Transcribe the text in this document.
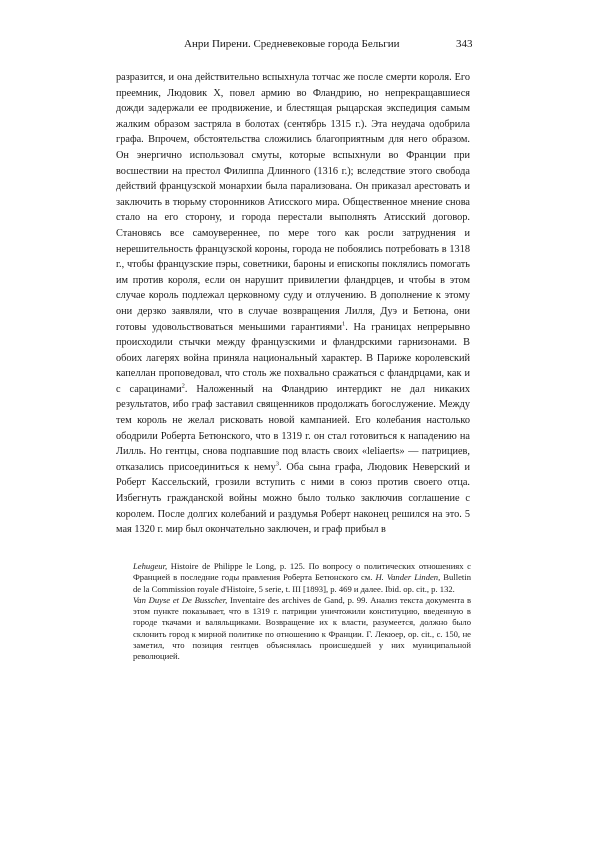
Анри Пирени. Средневековые города Бельгии	343

разразится, и она действительно вспыхнула тотчас же после смерти короля. Его преемник, Людовик X, повел армию во Фландрию, но непрекращавшиеся дожди задержали ее продвижение, и блестящая рыцарская экспедиция самым жалким образом застряла в болотах (сентябрь 1315 г.). Эта неудача одобрила графа. Впрочем, обстоятельства сложились благоприятным для него образом. Он энергично использовал смуты, которые вспыхнули во Франции при восшествии на престол Филиппа Длинного (1316 г.); вследствие этого свобода действий французской монархии была парализована. Он приказал арестовать и заключить в тюрьму сторонников Атисского мира. Общественное мнение снова стало на его сторону, и города перестали выполнять Атисский договор. Становясь все самоувереннее, по мере того как росли затруднения и нерешительность французской короны, города не побоялись потребовать в 1318 г., чтобы французские пэры, советники, бароны и епископы поклялись помогать им против короля, если он нарушит привилегии фландрцев, и чтобы в этом случае король подлежал церковному суду и отлучению. В дополнение к этому они дерзко заявляли, что в случае возвращения Лилля, Дуэ и Бетюна, они готовы удовольствоваться меньшими гарантиями$^1$. На границах непрерывно происходили стычки между французскими и фландрскими гарнизонами. В обоих лагерях война приняла национальный характер. В Париже королевский капеллан проповедовал, что столь же похвально сражаться с фландрцами, как и с сарацинами$^2$. Наложенный на Фландрию интердикт не дал никаких результатов, ибо граф заставил священников продолжать богослужение. Между тем король не желал рисковать новой кампанией. Его колебания настолько ободрили Роберта Бетюнского, что в 1319 г. он стал готовиться к нападению на Лилль. Но гентцы, снова подпавшие под власть своих «leliaerts» — патрициев, отказались присоединиться к нему$^3$. Оба сына графа, Людовик Неверский и Роберт Кассельский, грозили вступить с ними в союз против своего отца. Избегнуть гражданской войны можно было только заключив соглашение с королем. После долгих колебаний и раздумья Роберт наконец решился на это. 5 мая 1320 г. мир был окончательно заключен, и граф прибыл в

Lehugeur, Histoire de Philippe le Long, p. 125. По вопросу о политических отношениях с Францией в последние годы правления Роберта Бетюнского см. H. Vander Linden, Bulletin de la Commission royale d'Histoire, 5 serie, t. III [1893], p. 469 и далее. Ibid. op. cit., p. 132.

Van Duyse et De Busscher, Inventaire des archives de Gand, p. 99. Анализ текста документа в этом пункте показывает, что в 1319 г. патриции уничтожили конституцию, введенную в городе ткачами и валяльщиками. Возвращение их к власти, разумеется, должно было склонить город к мирной политике по отношению к Франции. Г. Лекюер, op. cit., с. 150, не заметил, что позиция гентцев объяснялась происшедшей у них муниципальной революцией.
